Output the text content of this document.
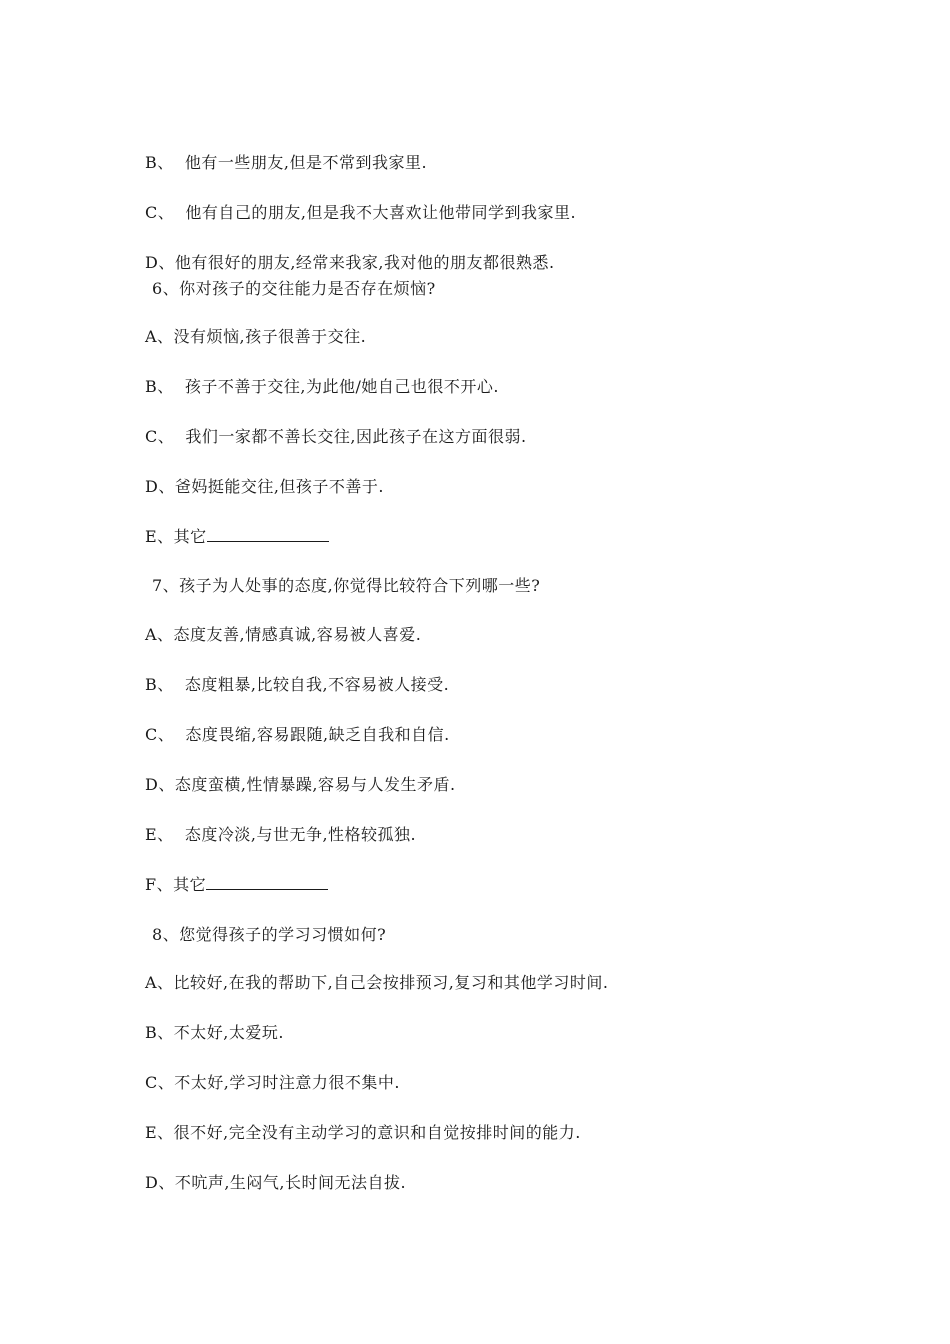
B、  他有一些朋友,但是不常到我家里.
C、  他有自己的朋友,但是我不大喜欢让他带同学到我家里.
D、他有很好的朋友,经常来我家,我对他的朋友都很熟悉.
6、你对孩子的交往能力是否存在烦恼?
A、没有烦恼,孩子很善于交往.
B、  孩子不善于交往,为此他/她自己也很不开心.
C、  我们一家都不善长交往,因此孩子在这方面很弱.
D、爸妈挺能交往,但孩子不善于.
E、其它
7、孩子为人处事的态度,你觉得比较符合下列哪一些?
A、态度友善,情感真诚,容易被人喜爱.
B、  态度粗暴,比较自我,不容易被人接受.
C、  态度畏缩,容易跟随,缺乏自我和自信.
D、态度蛮横,性情暴躁,容易与人发生矛盾.
E、  态度冷淡,与世无争,性格较孤独.
F、其它
8、您觉得孩子的学习习惯如何?
A、比较好,在我的帮助下,自己会按排预习,复习和其他学习时间.
B、不太好,太爱玩.
C、不太好,学习时注意力很不集中.
E、很不好,完全没有主动学习的意识和自觉按排时间的能力.
D、不吭声,生闷气,长时间无法自拔.
